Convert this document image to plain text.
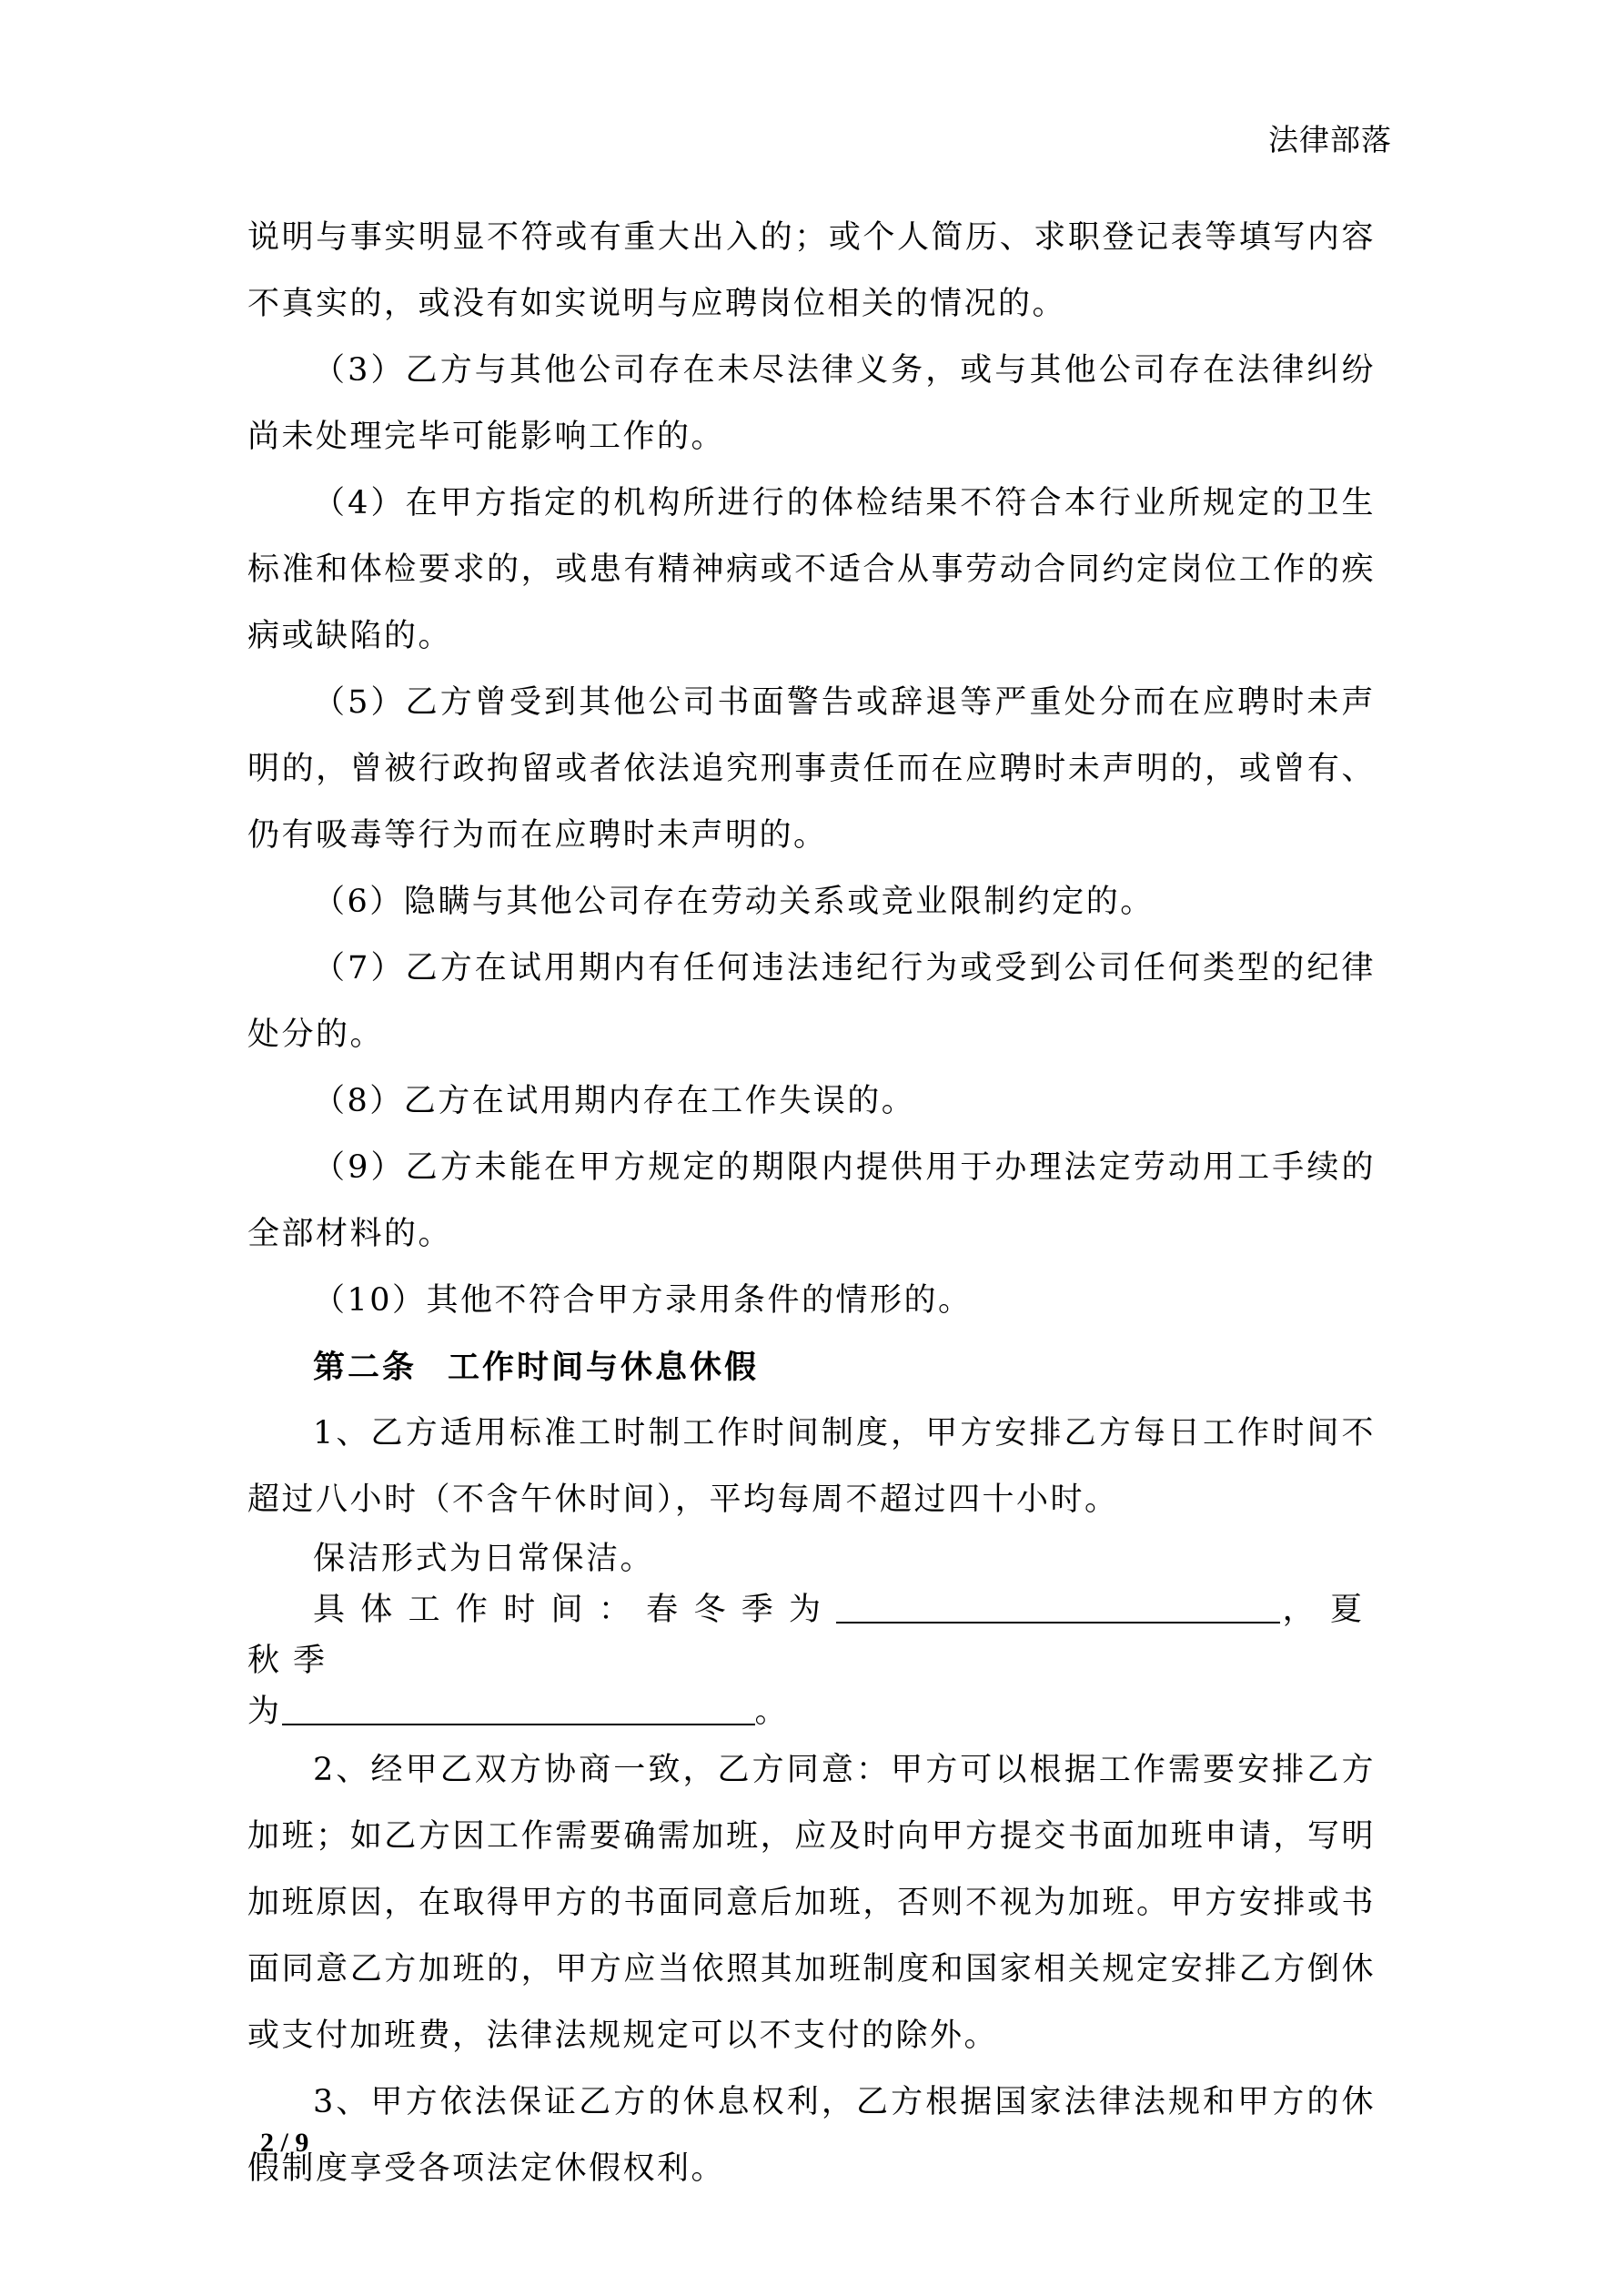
法律部落

说明与事实明显不符或有重大出入的；或个人简历、求职登记表等填写内容不真实的，或没有如实说明与应聘岗位相关的情况的。

（3）乙方与其他公司存在未尽法律义务，或与其他公司存在法律纠纷尚未处理完毕可能影响工作的。

（4）在甲方指定的机构所进行的体检结果不符合本行业所规定的卫生标准和体检要求的，或患有精神病或不适合从事劳动合同约定岗位工作的疾病或缺陷的。

（5）乙方曾受到其他公司书面警告或辞退等严重处分而在应聘时未声明的，曾被行政拘留或者依法追究刑事责任而在应聘时未声明的，或曾有、仍有吸毒等行为而在应聘时未声明的。

（6）隐瞒与其他公司存在劳动关系或竞业限制约定的。

（7）乙方在试用期内有任何违法违纪行为或受到公司任何类型的纪律处分的。

（8）乙方在试用期内存在工作失误的。

（9）乙方未能在甲方规定的期限内提供用于办理法定劳动用工手续的全部材料的。

（10）其他不符合甲方录用条件的情形的。

第二条 工作时间与休息休假

1、乙方适用标准工时制工作时间制度，甲方安排乙方每日工作时间不超过八小时（不含午休时间），平均每周不超过四十小时。

保洁形式为日常保洁。

具体工作时间：春冬季为	，夏秋季
为	。

2、经甲乙双方协商一致，乙方同意：甲方可以根据工作需要安排乙方加班；如乙方因工作需要确需加班，应及时向甲方提交书面加班申请，写明加班原因，在取得甲方的书面同意后加班，否则不视为加班。甲方安排或书面同意乙方加班的，甲方应当依照其加班制度和国家相关规定安排乙方倒休或支付加班费，法律法规规定可以不支付的除外。

3、甲方依法保证乙方的休息权利，乙方根据国家法律法规和甲方的休假制度享受各项法定休假权利。

2 / 9
